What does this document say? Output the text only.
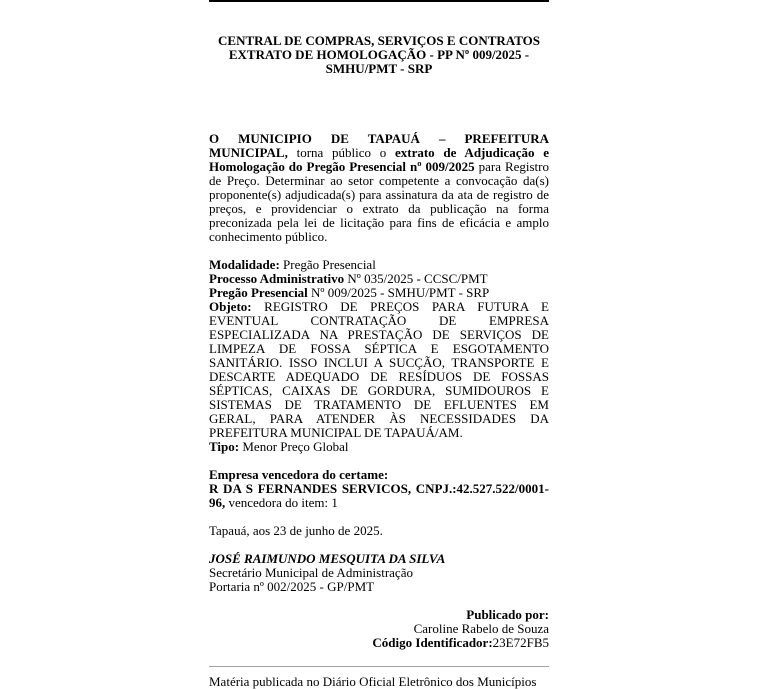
CENTRAL DE COMPRAS, SERVIÇOS E CONTRATOS
EXTRATO DE HOMOLOGAÇÃO - PP Nº 009/2025 -
SMHU/PMT - SRP

O MUNICIPIO DE TAPAUÁ – PREFEITURA MUNICIPAL, torna público o extrato de Adjudicação e Homologação do Pregão Presencial nº 009/2025 para Registro de Preço. Determinar ao setor competente a convocação da(s) proponente(s) adjudicada(s) para assinatura da ata de registro de preços, e providenciar o extrato da publicação na forma preconizada pela lei de licitação para fins de eficácia e amplo conhecimento público.

Modalidade: Pregão Presencial

Processo Administrativo Nº 035/2025 - CCSC/PMT

Pregão Presencial Nº 009/2025 - SMHU/PMT - SRP

Objeto: REGISTRO DE PREÇOS PARA FUTURA E EVENTUAL CONTRATAÇÃO DE EMPRESA ESPECIALIZADA NA PRESTAÇÃO DE SERVIÇOS DE LIMPEZA DE FOSSA SÉPTICA E ESGOTAMENTO SANITÁRIO. ISSO INCLUI A SUCÇÃO, TRANSPORTE E DESCARTE ADEQUADO DE RESÍDUOS DE FOSSAS SÉPTICAS, CAIXAS DE GORDURA, SUMIDOUROS E SISTEMAS DE TRATAMENTO DE EFLUENTES EM GERAL, PARA ATENDER ÀS NECESSIDADES DA PREFEITURA MUNICIPAL DE TAPAUÁ/AM.

Tipo: Menor Preço Global

Empresa vencedora do certame:

R DA S FERNANDES SERVICOS, CNPJ.:42.527.522/0001-96, vencedora do item: 1

Tapauá, aos 23 de junho de 2025.

JOSÉ RAIMUNDO MESQUITA DA SILVA

Secretário Municipal de Administração

Portaria nº 002/2025 - GP/PMT

Publicado por:

Caroline Rabelo de Souza

Código Identificador:23E72FB5

Matéria publicada no Diário Oficial Eletrônico dos Municípios
